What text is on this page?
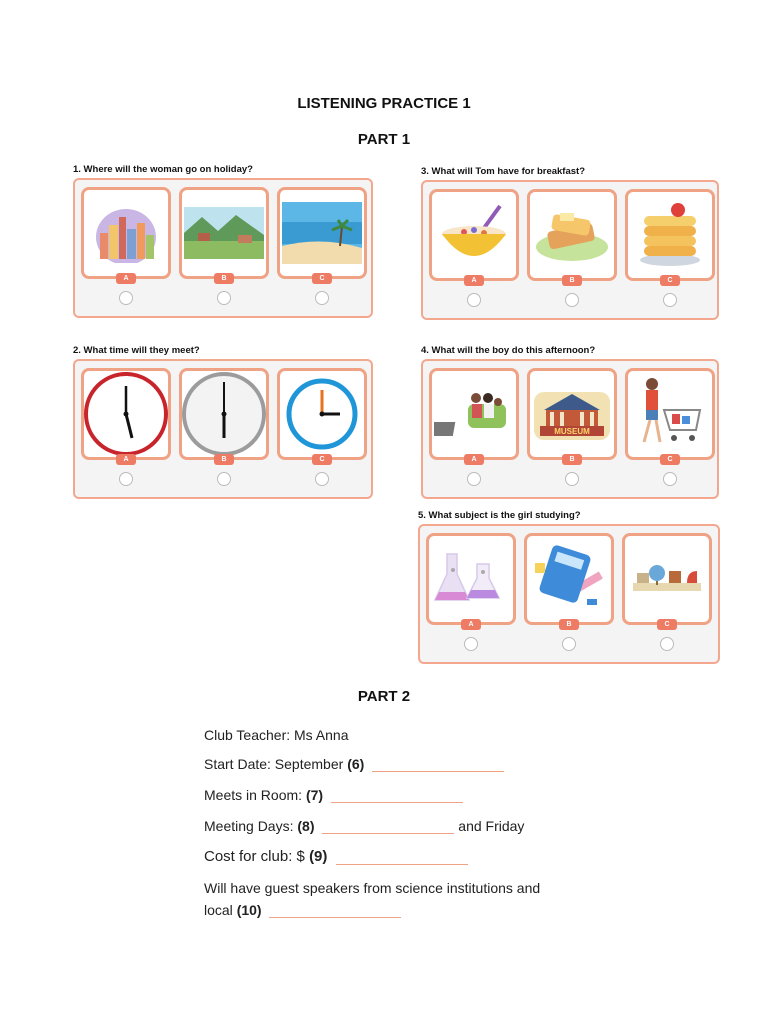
LISTENING PRACTICE 1
PART 1
1. Where will the woman go on holiday?
A	B	C
2. What time will they meet?
A	B	C
3. What will Tom have for breakfast?
A	B	C
4. What will the boy do this afternoon?
A
MUSEUM
B	C
5. What subject is the girl studying?
A	B	C
PART 2
Club Teacher: Ms Anna
Start Date: September (6)
Meets in Room: (7)
Meeting Days: (8)	and Friday
Cost for club: $ (9)
Will have guest speakers from science institutions and
local (10)
